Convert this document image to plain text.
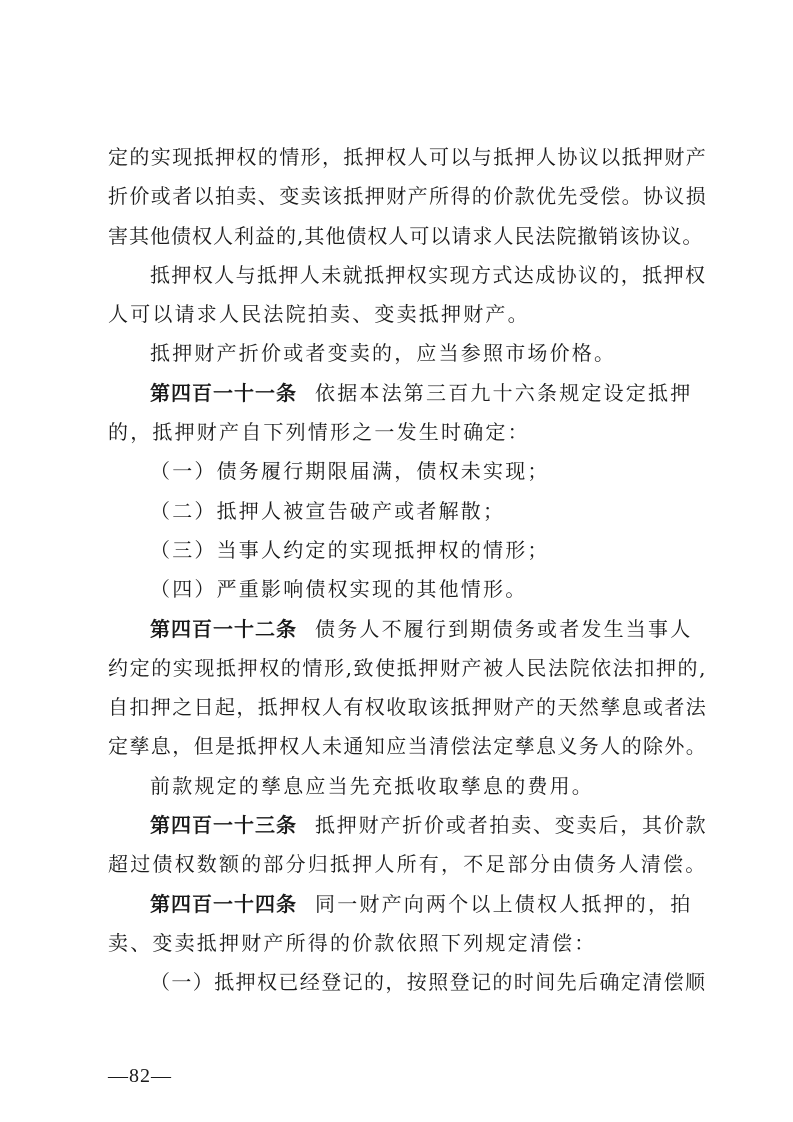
定的实现抵押权的情形，抵押权人可以与抵押人协议以抵押财产
折价或者以拍卖、变卖该抵押财产所得的价款优先受偿。协议损
害其他债权人利益的,其他债权人可以请求人民法院撤销该协议。
抵押权人与抵押人未就抵押权实现方式达成协议的，抵押权
人可以请求人民法院拍卖、变卖抵押财产。
抵押财产折价或者变卖的，应当参照市场价格。
第四百一十一条 依据本法第三百九十六条规定设定抵押
的，抵押财产自下列情形之一发生时确定：
（一）债务履行期限届满，债权未实现；
（二）抵押人被宣告破产或者解散；
（三）当事人约定的实现抵押权的情形；
（四）严重影响债权实现的其他情形。
第四百一十二条 债务人不履行到期债务或者发生当事人
约定的实现抵押权的情形,致使抵押财产被人民法院依法扣押的,
自扣押之日起，抵押权人有权收取该抵押财产的天然孳息或者法
定孳息，但是抵押权人未通知应当清偿法定孳息义务人的除外。
前款规定的孳息应当先充抵收取孳息的费用。
第四百一十三条 抵押财产折价或者拍卖、变卖后，其价款
超过债权数额的部分归抵押人所有，不足部分由债务人清偿。
第四百一十四条 同一财产向两个以上债权人抵押的，拍
卖、变卖抵押财产所得的价款依照下列规定清偿：
（一）抵押权已经登记的，按照登记的时间先后确定清偿顺
—82—
